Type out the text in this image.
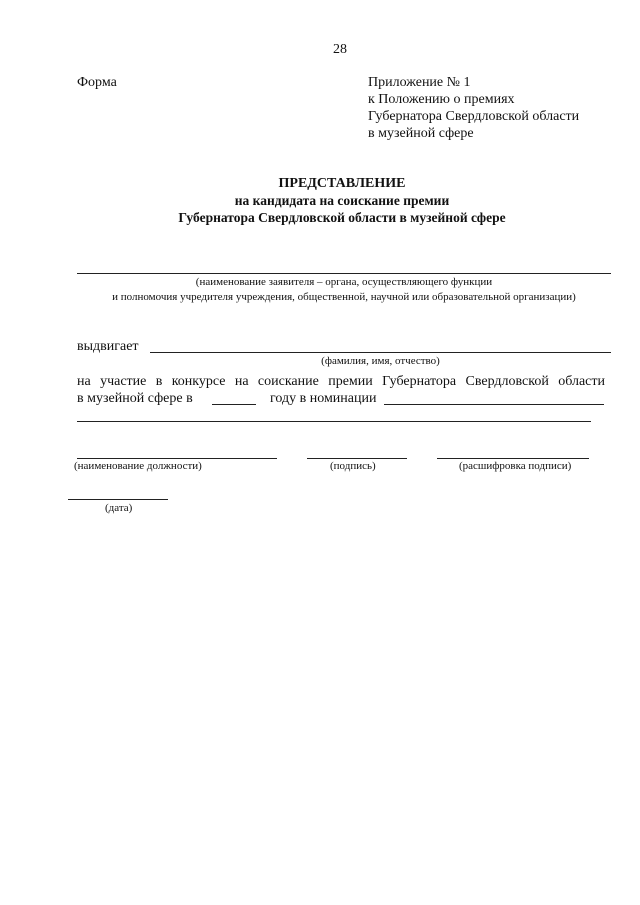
28
Форма	Приложение № 1
к Положению о премиях
Губернатора Свердловской области
в музейной сфере
ПРЕДСТАВЛЕНИЕ
на кандидата на соискание премии
Губернатора Свердловской области в музейной сфере
(наименование заявителя – органа, осуществляющего функции
и полномочия учредителя учреждения, общественной, научной или образовательной организации)
выдвигает
(фамилия, имя, отчество)
на участие в конкурсе на соискание премии Губернатора Свердловской области
в музейной сфере в	году в номинации
(наименование должности)	(подпись)	(расшифровка подписи)
(дата)
